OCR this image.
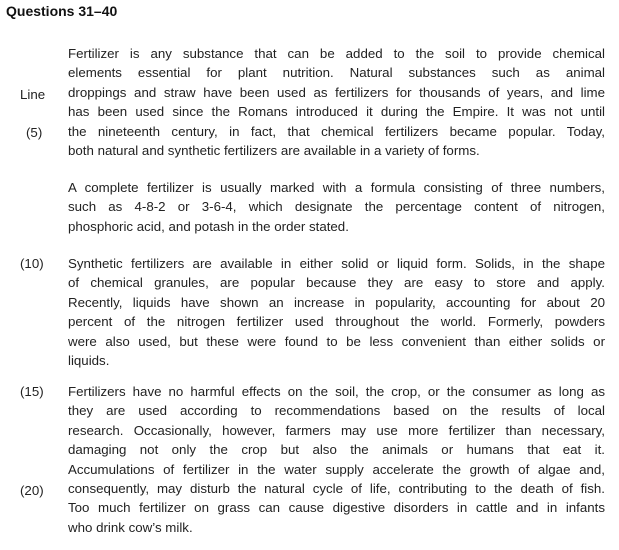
Questions 31–40
Line
(5)
(10)
(15)
(20)
Fertilizer is any substance that can be added to the soil to provide chemical
elements essential for plant nutrition. Natural substances such as animal
droppings and straw have been used as fertilizers for thousands of years, and lime
has been used since the Romans introduced it during the Empire. It was not until
the nineteenth century, in fact, that chemical fertilizers became popular. Today,
both natural and synthetic fertilizers are available in a variety of forms.
A complete fertilizer is usually marked with a formula consisting of three numbers,
such as 4-8-2 or 3-6-4, which designate the percentage content of nitrogen,
phosphoric acid, and potash in the order stated.
Synthetic fertilizers are available in either solid or liquid form. Solids, in the shape
of chemical granules, are popular because they are easy to store and apply.
Recently, liquids have shown an increase in popularity, accounting for about 20
percent of the nitrogen fertilizer used throughout the world. Formerly, powders
were also used, but these were found to be less convenient than either solids or
liquids.
Fertilizers have no harmful effects on the soil, the crop, or the consumer as long as
they are used according to recommendations based on the results of local
research. Occasionally, however, farmers may use more fertilizer than necessary,
damaging not only the crop but also the animals or humans that eat it.
Accumulations of fertilizer in the water supply accelerate the growth of algae and,
consequently, may disturb the natural cycle of life, contributing to the death of fish.
Too much fertilizer on grass can cause digestive disorders in cattle and in infants
who drink cow’s milk.
